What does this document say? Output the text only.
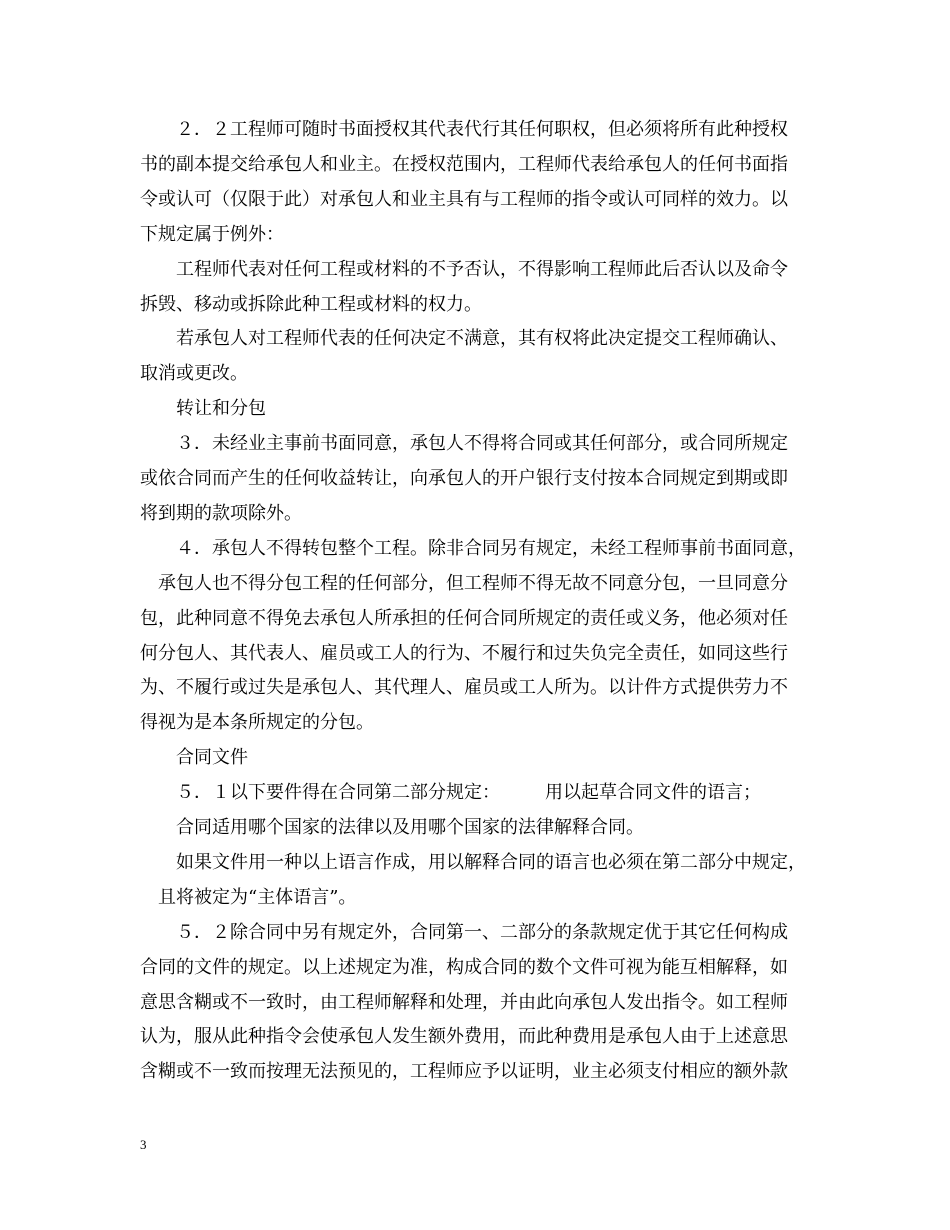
　　２．２工程师可随时书面授权其代表代行其任何职权，但必须将所有此种授权
书的副本提交给承包人和业主。在授权范围内，工程师代表给承包人的任何书面指
令或认可（仅限于此）对承包人和业主具有与工程师的指令或认可同样的效力。以
下规定属于例外：
　　工程师代表对任何工程或材料的不予否认，不得影响工程师此后否认以及命令
拆毁、移动或拆除此种工程或材料的权力。
　　若承包人对工程师代表的任何决定不满意，其有权将此决定提交工程师确认、
取消或更改。
　　转让和分包
　　３．未经业主事前书面同意，承包人不得将合同或其任何部分，或合同所规定
或依合同而产生的任何收益转让，向承包人的开户银行支付按本合同规定到期或即
将到期的款项除外。
　　４．承包人不得转包整个工程。除非合同另有规定，未经工程师事前书面同意，
　承包人也不得分包工程的任何部分，但工程师不得无故不同意分包，一旦同意分
包，此种同意不得免去承包人所承担的任何合同所规定的责任或义务，他必须对任
何分包人、其代表人、雇员或工人的行为、不履行和过失负完全责任，如同这些行
为、不履行或过失是承包人、其代理人、雇员或工人所为。以计件方式提供劳力不
得视为是本条所规定的分包。
　　合同文件
　　５．１以下要件得在合同第二部分规定：　　　用以起草合同文件的语言；
　　合同适用哪个国家的法律以及用哪个国家的法律解释合同。
　　如果文件用一种以上语言作成，用以解释合同的语言也必须在第二部分中规定，
　且将被定为“主体语言”。
　　５．２除合同中另有规定外，合同第一、二部分的条款规定优于其它任何构成
合同的文件的规定。以上述规定为准，构成合同的数个文件可视为能互相解释，如
意思含糊或不一致时，由工程师解释和处理，并由此向承包人发出指令。如工程师
认为，服从此种指令会使承包人发生额外费用，而此种费用是承包人由于上述意思
含糊或不一致而按理无法预见的，工程师应予以证明，业主必须支付相应的额外款
3
